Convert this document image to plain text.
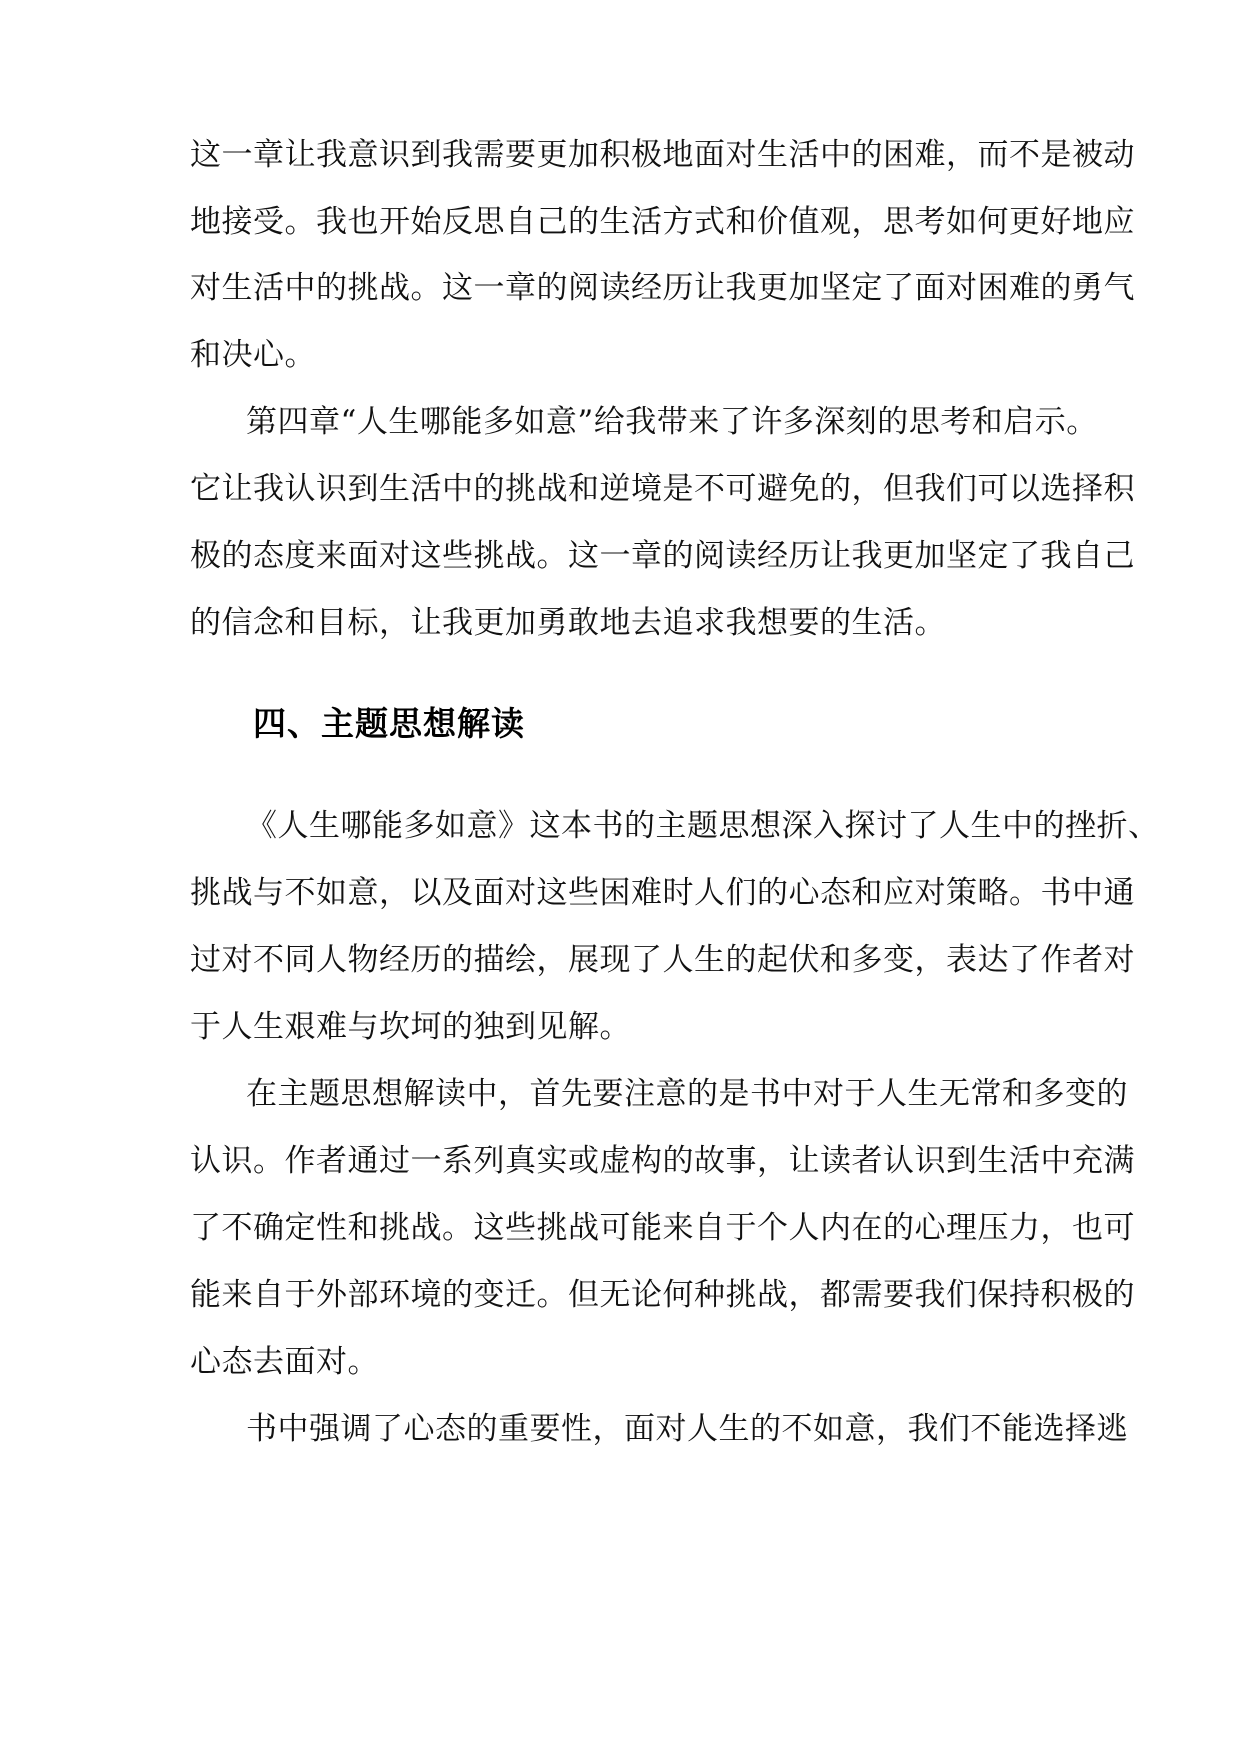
这一章让我意识到我需要更加积极地面对生活中的困难，而不是被动
地接受。我也开始反思自己的生活方式和价值观，思考如何更好地应
对生活中的挑战。这一章的阅读经历让我更加坚定了面对困难的勇气
和决心。
第四章“人生哪能多如意”给我带来了许多深刻的思考和启示。
它让我认识到生活中的挑战和逆境是不可避免的，但我们可以选择积
极的态度来面对这些挑战。这一章的阅读经历让我更加坚定了我自己
的信念和目标，让我更加勇敢地去追求我想要的生活。
《人生哪能多如意》这本书的主题思想深入探讨了人生中的挫折、
挑战与不如意，以及面对这些困难时人们的心态和应对策略。书中通
过对不同人物经历的描绘，展现了人生的起伏和多变，表达了作者对
于人生艰难与坎坷的独到见解。
在主题思想解读中，首先要注意的是书中对于人生无常和多变的
认识。作者通过一系列真实或虚构的故事，让读者认识到生活中充满
了不确定性和挑战。这些挑战可能来自于个人内在的心理压力，也可
能来自于外部环境的变迁。但无论何种挑战，都需要我们保持积极的
心态去面对。
书中强调了心态的重要性，面对人生的不如意，我们不能选择逃
四、主题思想解读
